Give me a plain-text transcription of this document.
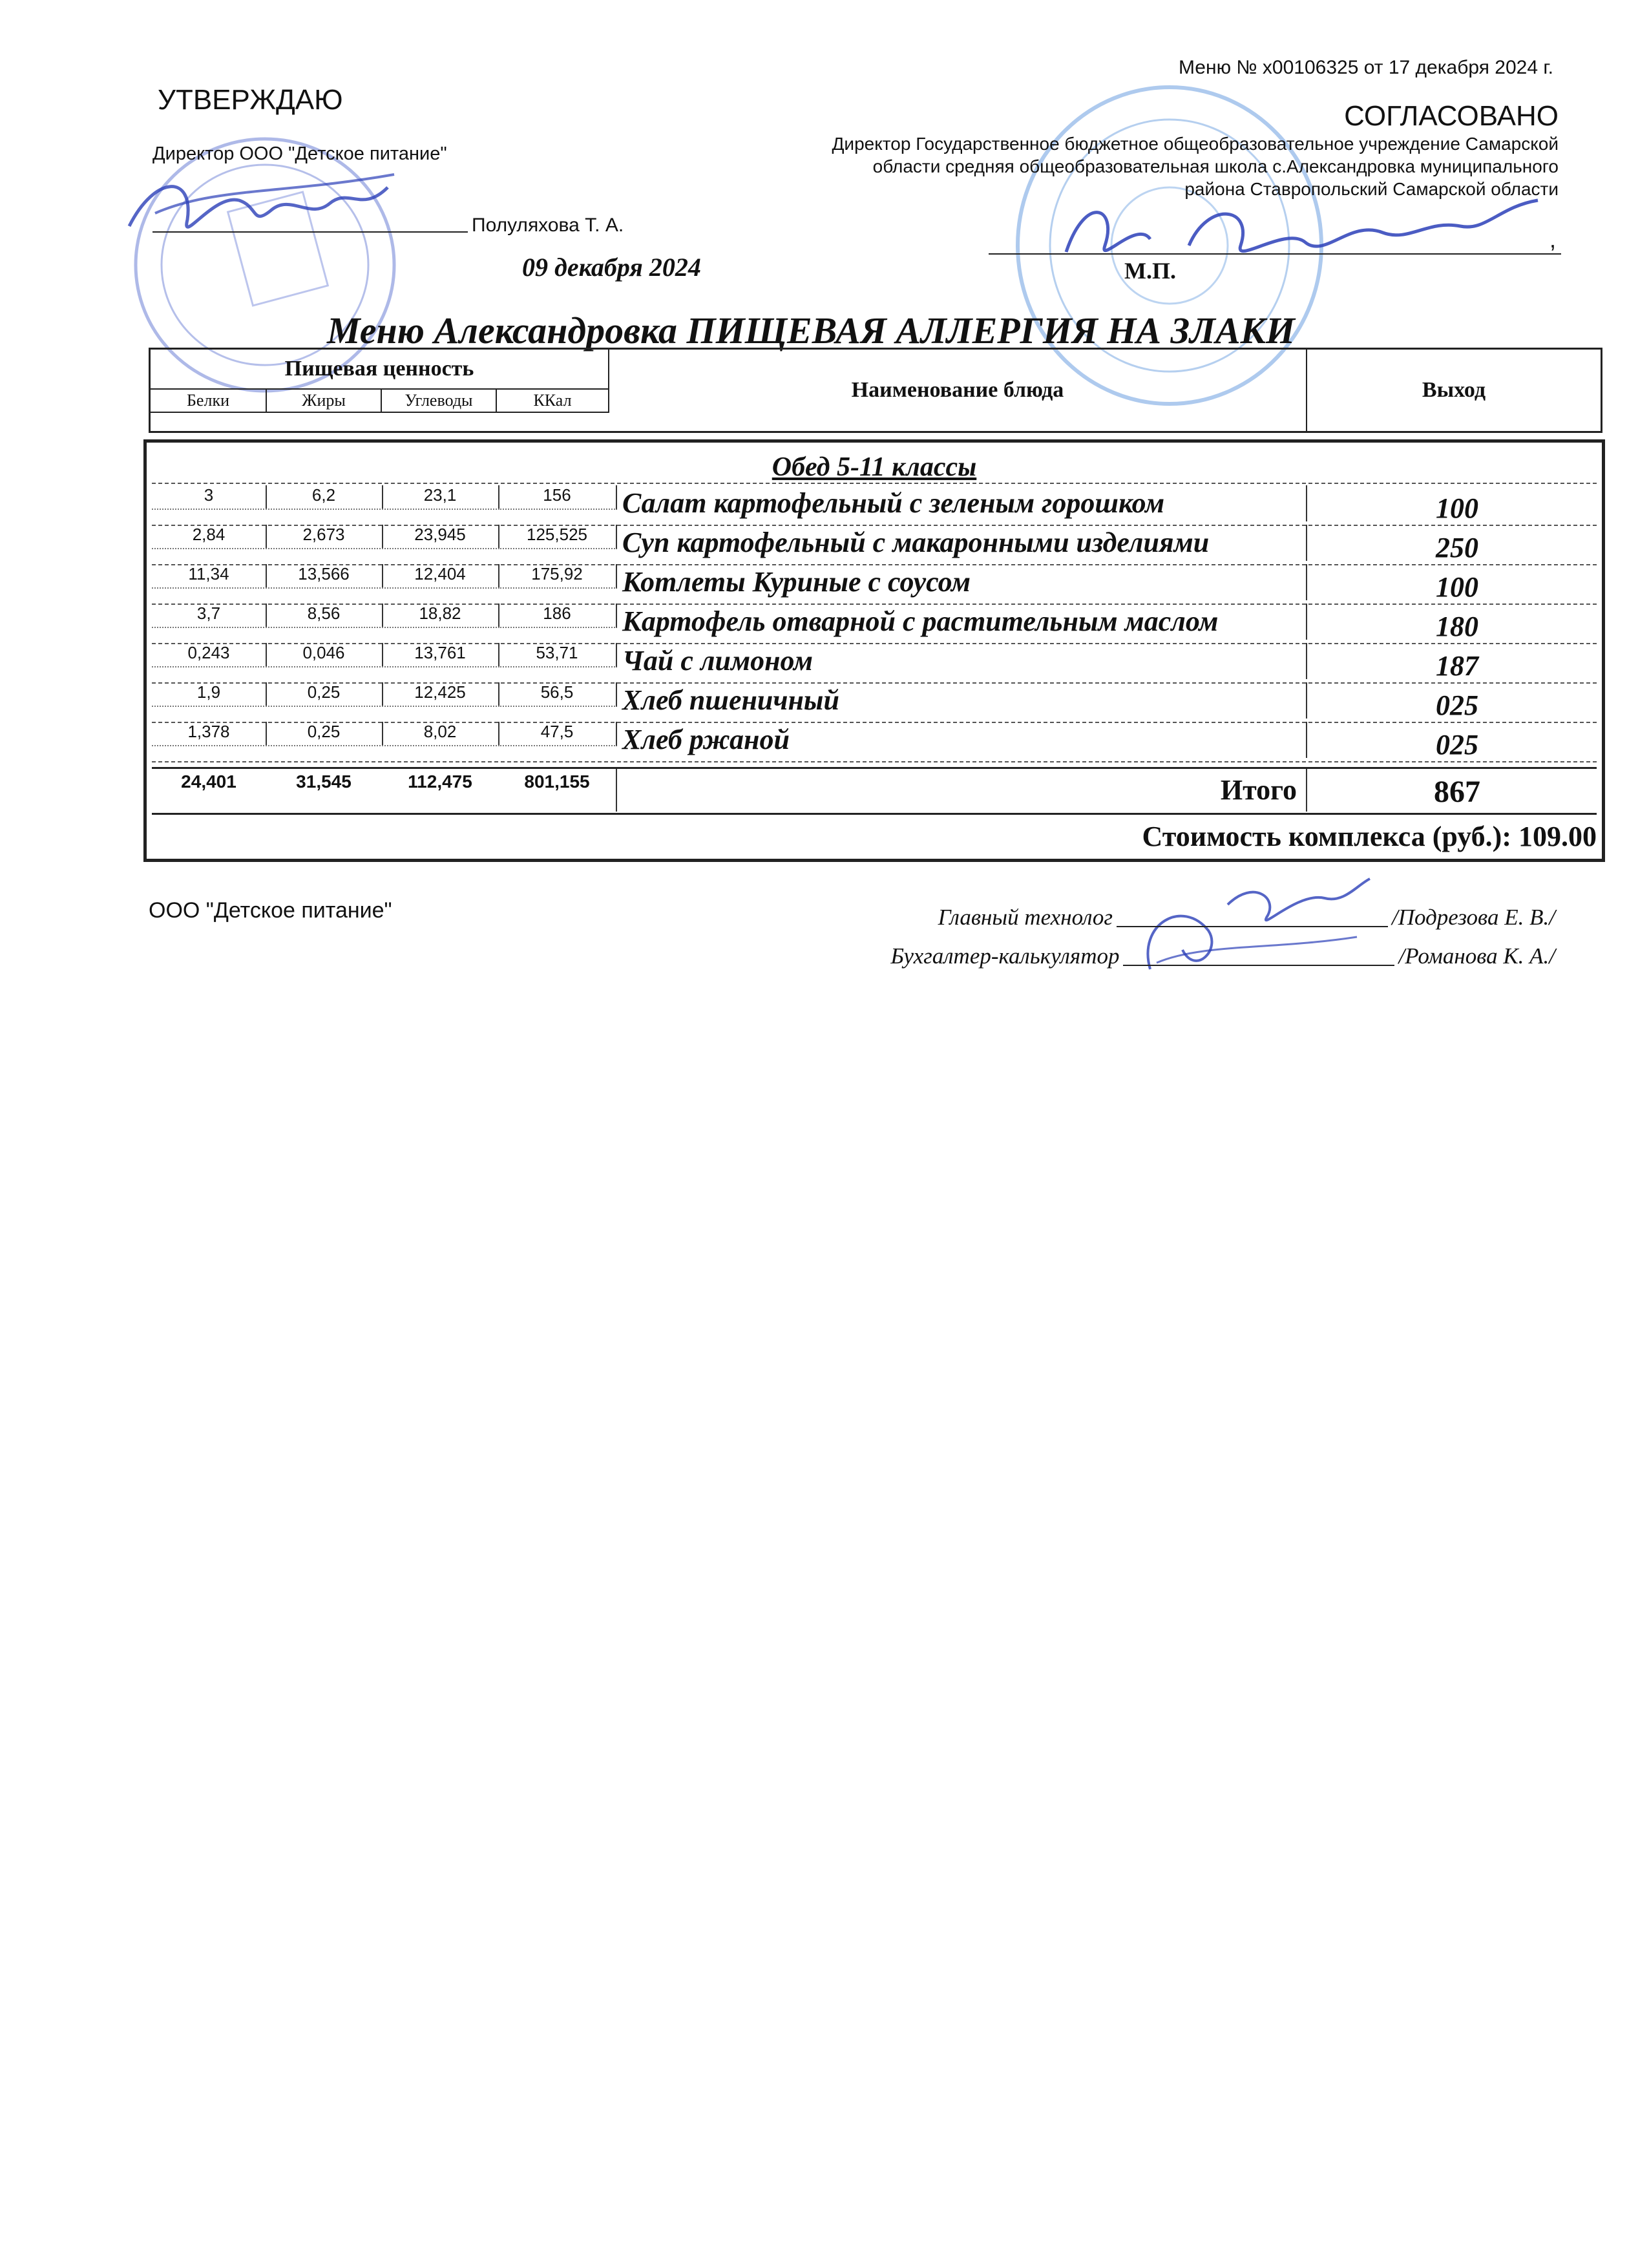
Меню № x00106325 от 17 декабря 2024 г.
УТВЕРЖДАЮ
Директор ООО "Детское питание"
Полуляхова Т. А.
09 декабря 2024
СОГЛАСОВАНО
Директор Государственное бюджетное общеобразовательное учреждение Самарской
области средняя общеобразовательная школа с.Александровка муниципального
района Ставропольский Самарской области
,
М.П.
Меню Александровка ПИЩЕВАЯ АЛЛЕРГИЯ НА ЗЛАКИ
Пищевая ценность
Белки	Жиры	Углеводы	ККал	Наименование блюда	Выход
Обед 5-11 классы
3	6,2	23,1	156	Салат картофельный с зеленым горошком	100
2,84	2,673	23,945	125,525	Суп картофельный с макаронными изделиями	250
11,34	13,566	12,404	175,92	Котлеты Куриные с соусом	100
3,7	8,56	18,82	186	Картофель отварной с растительным маслом	180
0,243	0,046	13,761	53,71	Чай с лимоном	187
1,9	0,25	12,425	56,5	Хлеб пшеничный	025
1,378	0,25	8,02	47,5	Хлеб ржаной	025
24,401	31,545	112,475	801,155	Итого	867
Стоимость комплекса (руб.): 109.00
ООО "Детское питание"	Главный технолог	/Подрезова Е. В./
Бухгалтер-калькулятор	/Романова К. А./
